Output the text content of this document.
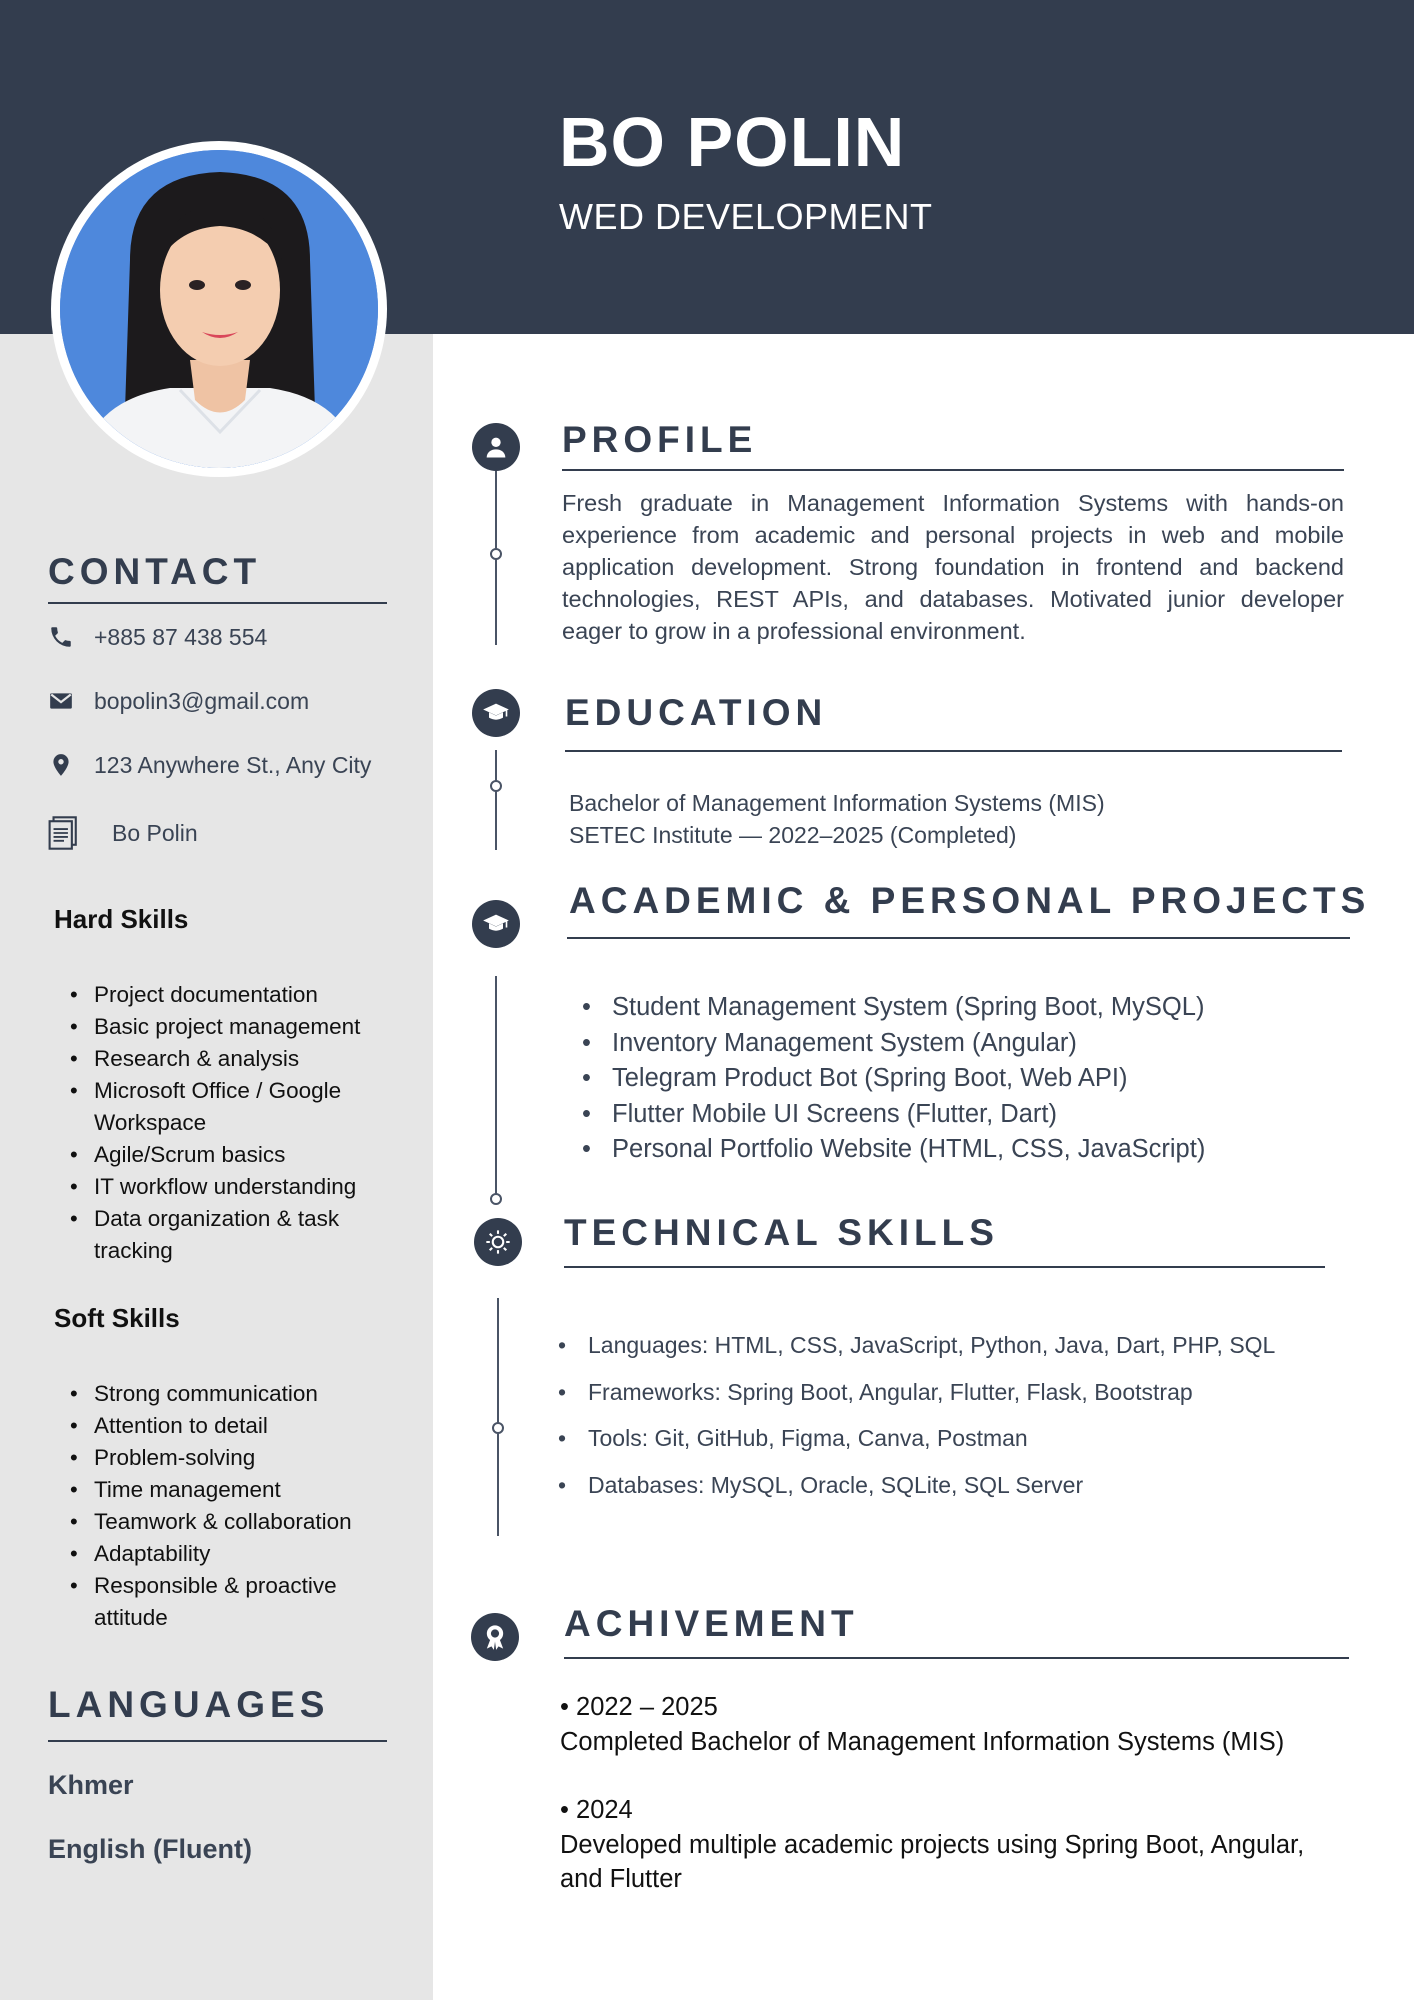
BO POLIN
WED DEVELOPMENT
CONTACT
+885 87 438 554
bopolin3@gmail.com
123 Anywhere St., Any City
Bo Polin
Hard Skills
• Project documentation
• Basic project management
• Research & analysis
• Microsoft Office / Google Workspace
• Agile/Scrum basics
• IT workflow understanding
• Data organization & task tracking
Soft Skills
• Strong communication
• Attention to detail
• Problem-solving
• Time management
• Teamwork & collaboration
• Adaptability
• Responsible & proactive attitude
LANGUAGES
Khmer
English (Fluent)
PROFILE
Fresh graduate in Management Information Systems with hands-on experience from academic and personal projects in web and mobile application development. Strong foundation in frontend and backend technologies, REST APIs, and databases. Motivated junior developer eager to grow in a professional environment.
EDUCATION
Bachelor of Management Information Systems (MIS)
SETEC Institute — 2022–2025 (Completed)
ACADEMIC & PERSONAL PROJECTS
• Student Management System (Spring Boot, MySQL)
• Inventory Management System (Angular)
• Telegram Product Bot (Spring Boot, Web API)
• Flutter Mobile UI Screens (Flutter, Dart)
• Personal Portfolio Website (HTML, CSS, JavaScript)
TECHNICAL SKILLS
• Languages: HTML, CSS, JavaScript, Python, Java, Dart, PHP, SQL
• Frameworks: Spring Boot, Angular, Flutter, Flask, Bootstrap
• Tools: Git, GitHub, Figma, Canva, Postman
• Databases: MySQL, Oracle, SQLite, SQL Server
ACHIVEMENT
• 2022 – 2025
Completed Bachelor of Management Information Systems (MIS)
• 2024
Developed multiple academic projects using Spring Boot, Angular, and Flutter
